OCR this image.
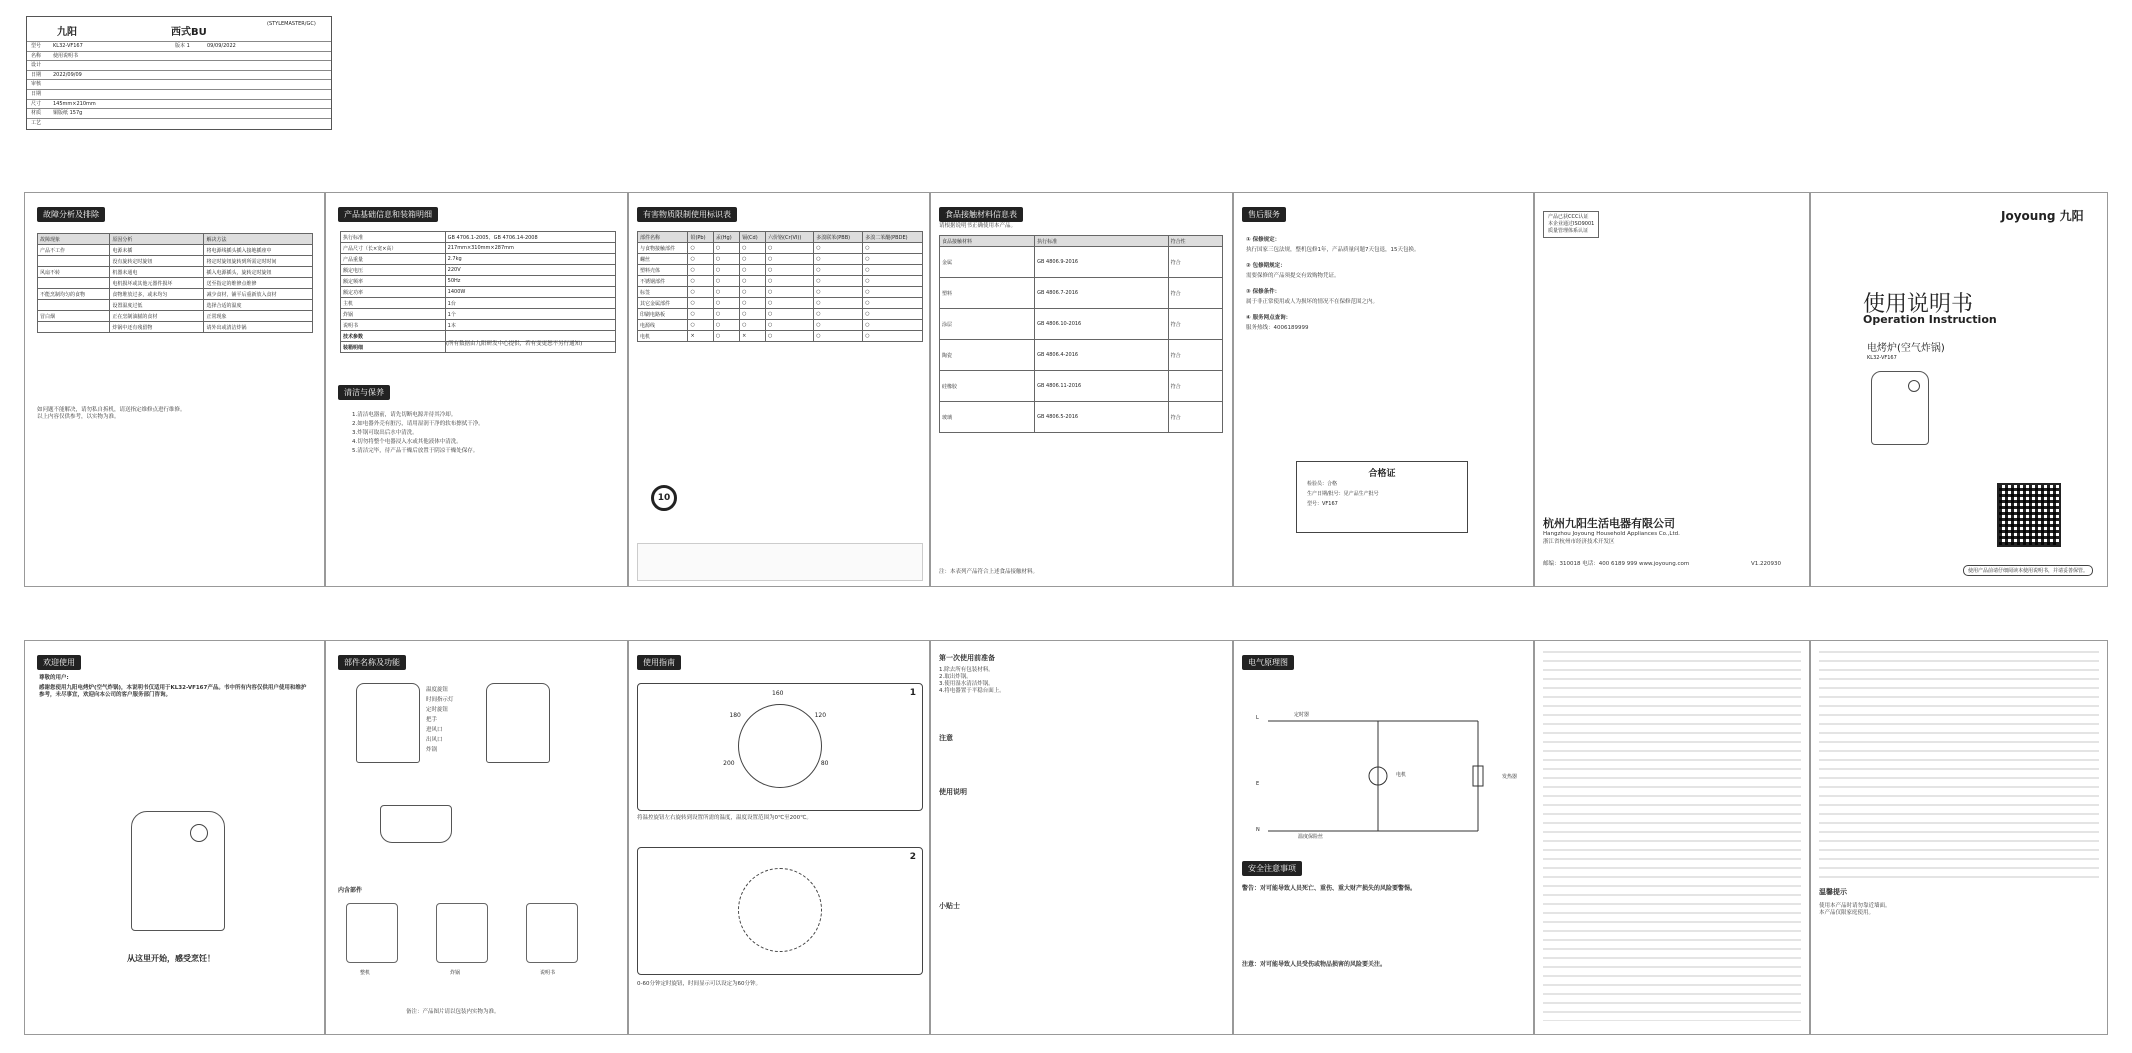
九阳	西式BU
(STYLEMASTER/GC)
型号 KL32-VF167	版本 1	09/09/2022
名称 使用说明书
设计
日期 2022/09/09
审核
日期
尺寸 145mm×210mm
材质 铜版纸 157g
工艺
故障分析及排除
故障现象	原因分析	解决方法
产品不工作	电源未插	将电源线插头插入接地插座中
	没有旋转定时旋钮	将定时旋钮旋转到所需定时时间
风扇不转	机器未通电	插入电源插头，旋转定时旋钮
	电机损坏或其他元器件损坏	送至指定的维修点维修
不能烹制均匀的食物	食物堆放过多，或未均匀	减少食材，铺平后重新放入食材
	设置温度过低	选择合适的温度
冒白烟	正在烹制油腻的食材	正常现象
	炸锅中还有残留物	请外出或清洁炸锅
如问题不能解决，请勿私自拆机，请送指定维修点进行维修。
以上内容仅供参考，以实物为准。
产品基础信息和装箱明细
执行标准	GB 4706.1-2005、GB 4706.14-2008
产品尺寸（长×宽×高）	217mm×310mm×287mm
产品重量	2.7kg
额定电压	220V
额定频率	50Hz
额定功率	1400W
主机	1台
炸锅	1个
说明书	1本
技术参数	
装箱明细	
(所有数据由九阳研发中心提供，若有变更恕不另行通知)
清洁与保养
1.清洁电器前，请先切断电源并待其冷却。
2.如电器外壳有脏污，请用湿润干净的软布擦拭干净。
3.炸锅可取出后水中清洗。
4.切勿将整个电器浸入水或其他液体中清洗。
5.清洁完毕，待产品干燥后放置于阴凉干燥处保存。
有害物质限制使用标识表
部件名称	铅(Pb)	汞(Hg)	镉(Cd)	六价铬(Cr(VI))	多溴联苯(PBB)	多溴二苯醚(PBDE)
与食物接触部件	○	○	○	○	○	○
螺丝	○	○	○	○	○	○
塑料壳体	○	○	○	○	○	○
不锈钢部件	○	○	○	○	○	○
标签	○	○	○	○	○	○
其它金属部件	○	○	○	○	○	○
印刷电路板	○	○	○	○	○	○
电源线	○	○	○	○	○	○
电机	×	○	×	○	○	○
10
食品接触材料信息表
请根据说明书正确使用本产品。
食品接触材料	执行标准	符合性
金属	GB 4806.9-2016	符合
塑料	GB 4806.7-2016	符合
涂层	GB 4806.10-2016	符合
陶瓷	GB 4806.4-2016	符合
硅橡胶	GB 4806.11-2016	符合
玻璃	GB 4806.5-2016	符合
注：本表列产品符合上述食品接触材料。
售后服务
① 保修规定：
执行国家三包法规，整机包修1年，产品质量问题7天包退，15天包换。
② 包修期规定：
需要保修的产品须提交有效购物凭证。
③ 保修条件：
属于非正常使用或人为损坏的情况不在保修范围之内。
④ 服务网点查询：
服务热线：4006189999
合格证
检验员：合格
生产日期/批号：见产品生产批号
型号：VF167
产品已获CCC认证
本企业通过ISO9001
质量管理体系认证
杭州九阳生活电器有限公司
Hangzhou Joyoung Household Appliances Co.,Ltd.
浙江省杭州市经济技术开发区
邮编：310018 电话：400 6189 999 www.joyoung.com	V1.220930
Joyoung 九阳
使用说明书
Operation Instruction
电烤炉(空气炸锅)
KL32-VF167
使用产品前请仔细阅读本使用说明书，并请妥善保管。
欢迎使用
尊敬的用户:
感谢您使用九阳电烤炉(空气炸锅)，本说明书仅适用于KL32-VF167产品。书中所有内容仅供用户使用和维护参考，未尽事宜，欢迎向本公司的客户服务部门咨询。
从这里开始，感受烹饪！
部件名称及功能
温度旋钮
时间指示灯
定时旋钮
把手
进风口
出风口
炸锅
内含部件
整机	炸锅	说明书
备注：产品图片请以包装内实物为准。
使用指南
1
200
180
160
120
80
将温控旋钮左右旋转到设置所需的温度，温度设置范围为0℃至200℃。
2
0-60分钟定时旋钮，时间显示可以设定为60分钟。
第一次使用前准备
1.除去所有包装材料。
2.取出炸锅。
3.使用湿水清洁炸锅。
4.将电器置于平稳台面上。
注意
使用说明
小贴士
电气原理图
L
N
E
定时器
温度保险丝
电机	发热器
安全注意事项
警告：对可能导致人员死亡、重伤、重大财产损失的风险要警惕。
注意：对可能导致人员受伤或物品损害的风险要关注。
温馨提示
使用本产品时请勿靠近墙面。
本产品仅限家庭使用。
